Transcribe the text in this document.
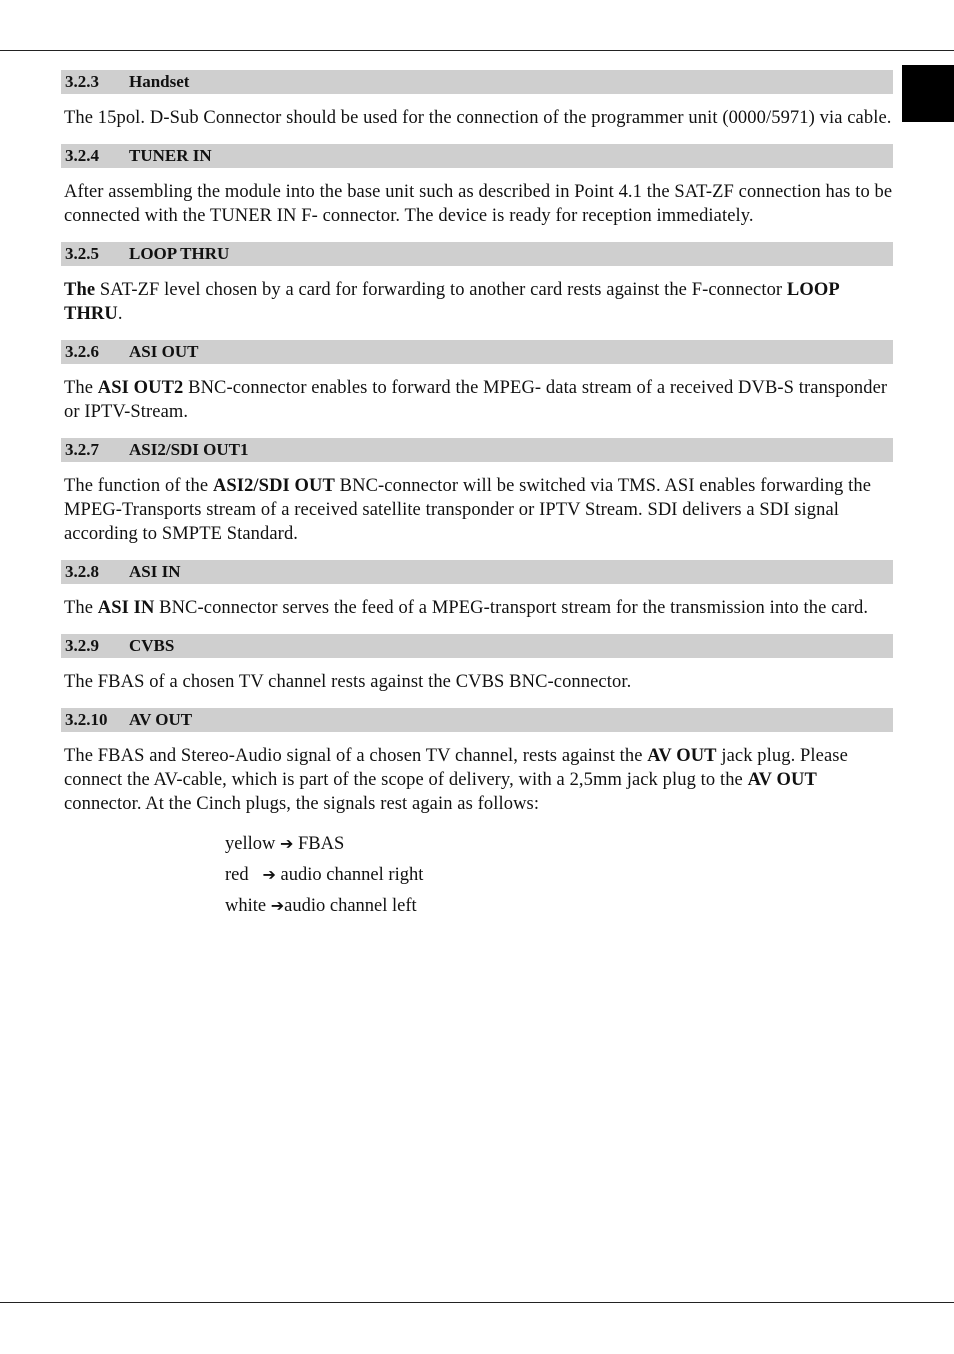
3.2.3 Handset
The 15pol. D-Sub Connector should be used for the connection of the programmer unit (0000/5971) via cable.
3.2.4 TUNER IN
After assembling the module into the base unit such as described in Point 4.1 the SAT-ZF connection has to be connected with the TUNER IN F- connector. The device is ready for reception immediately.
3.2.5 LOOP THRU
The SAT-ZF level chosen by a card for forwarding to another card rests against the F-connector LOOP THRU.
3.2.6 ASI OUT
The ASI OUT2 BNC-connector enables to forward the MPEG- data stream of a received DVB-S transponder or IPTV-Stream.
3.2.7 ASI2/SDI OUT1
The function of the ASI2/SDI OUT BNC-connector will be switched via TMS. ASI enables forwarding the MPEG-Transports stream of a received satellite transponder or IPTV Stream. SDI delivers a SDI signal according to SMPTE Standard.
3.2.8 ASI IN
The ASI IN BNC-connector serves the feed of a MPEG-transport stream for the transmission into the card.
3.2.9 CVBS
The FBAS of a chosen TV channel rests against the CVBS BNC-connector.
3.2.10 AV OUT
The FBAS and Stereo-Audio signal of a chosen TV channel, rests against the AV OUT jack plug. Please connect the AV-cable, which is part of the scope of delivery, with a 2,5mm jack plug to the AV OUT connector. At the Cinch plugs, the signals rest again as follows:
yellow ➔ FBAS
red ➔ audio channel right
white ➔audio channel left
